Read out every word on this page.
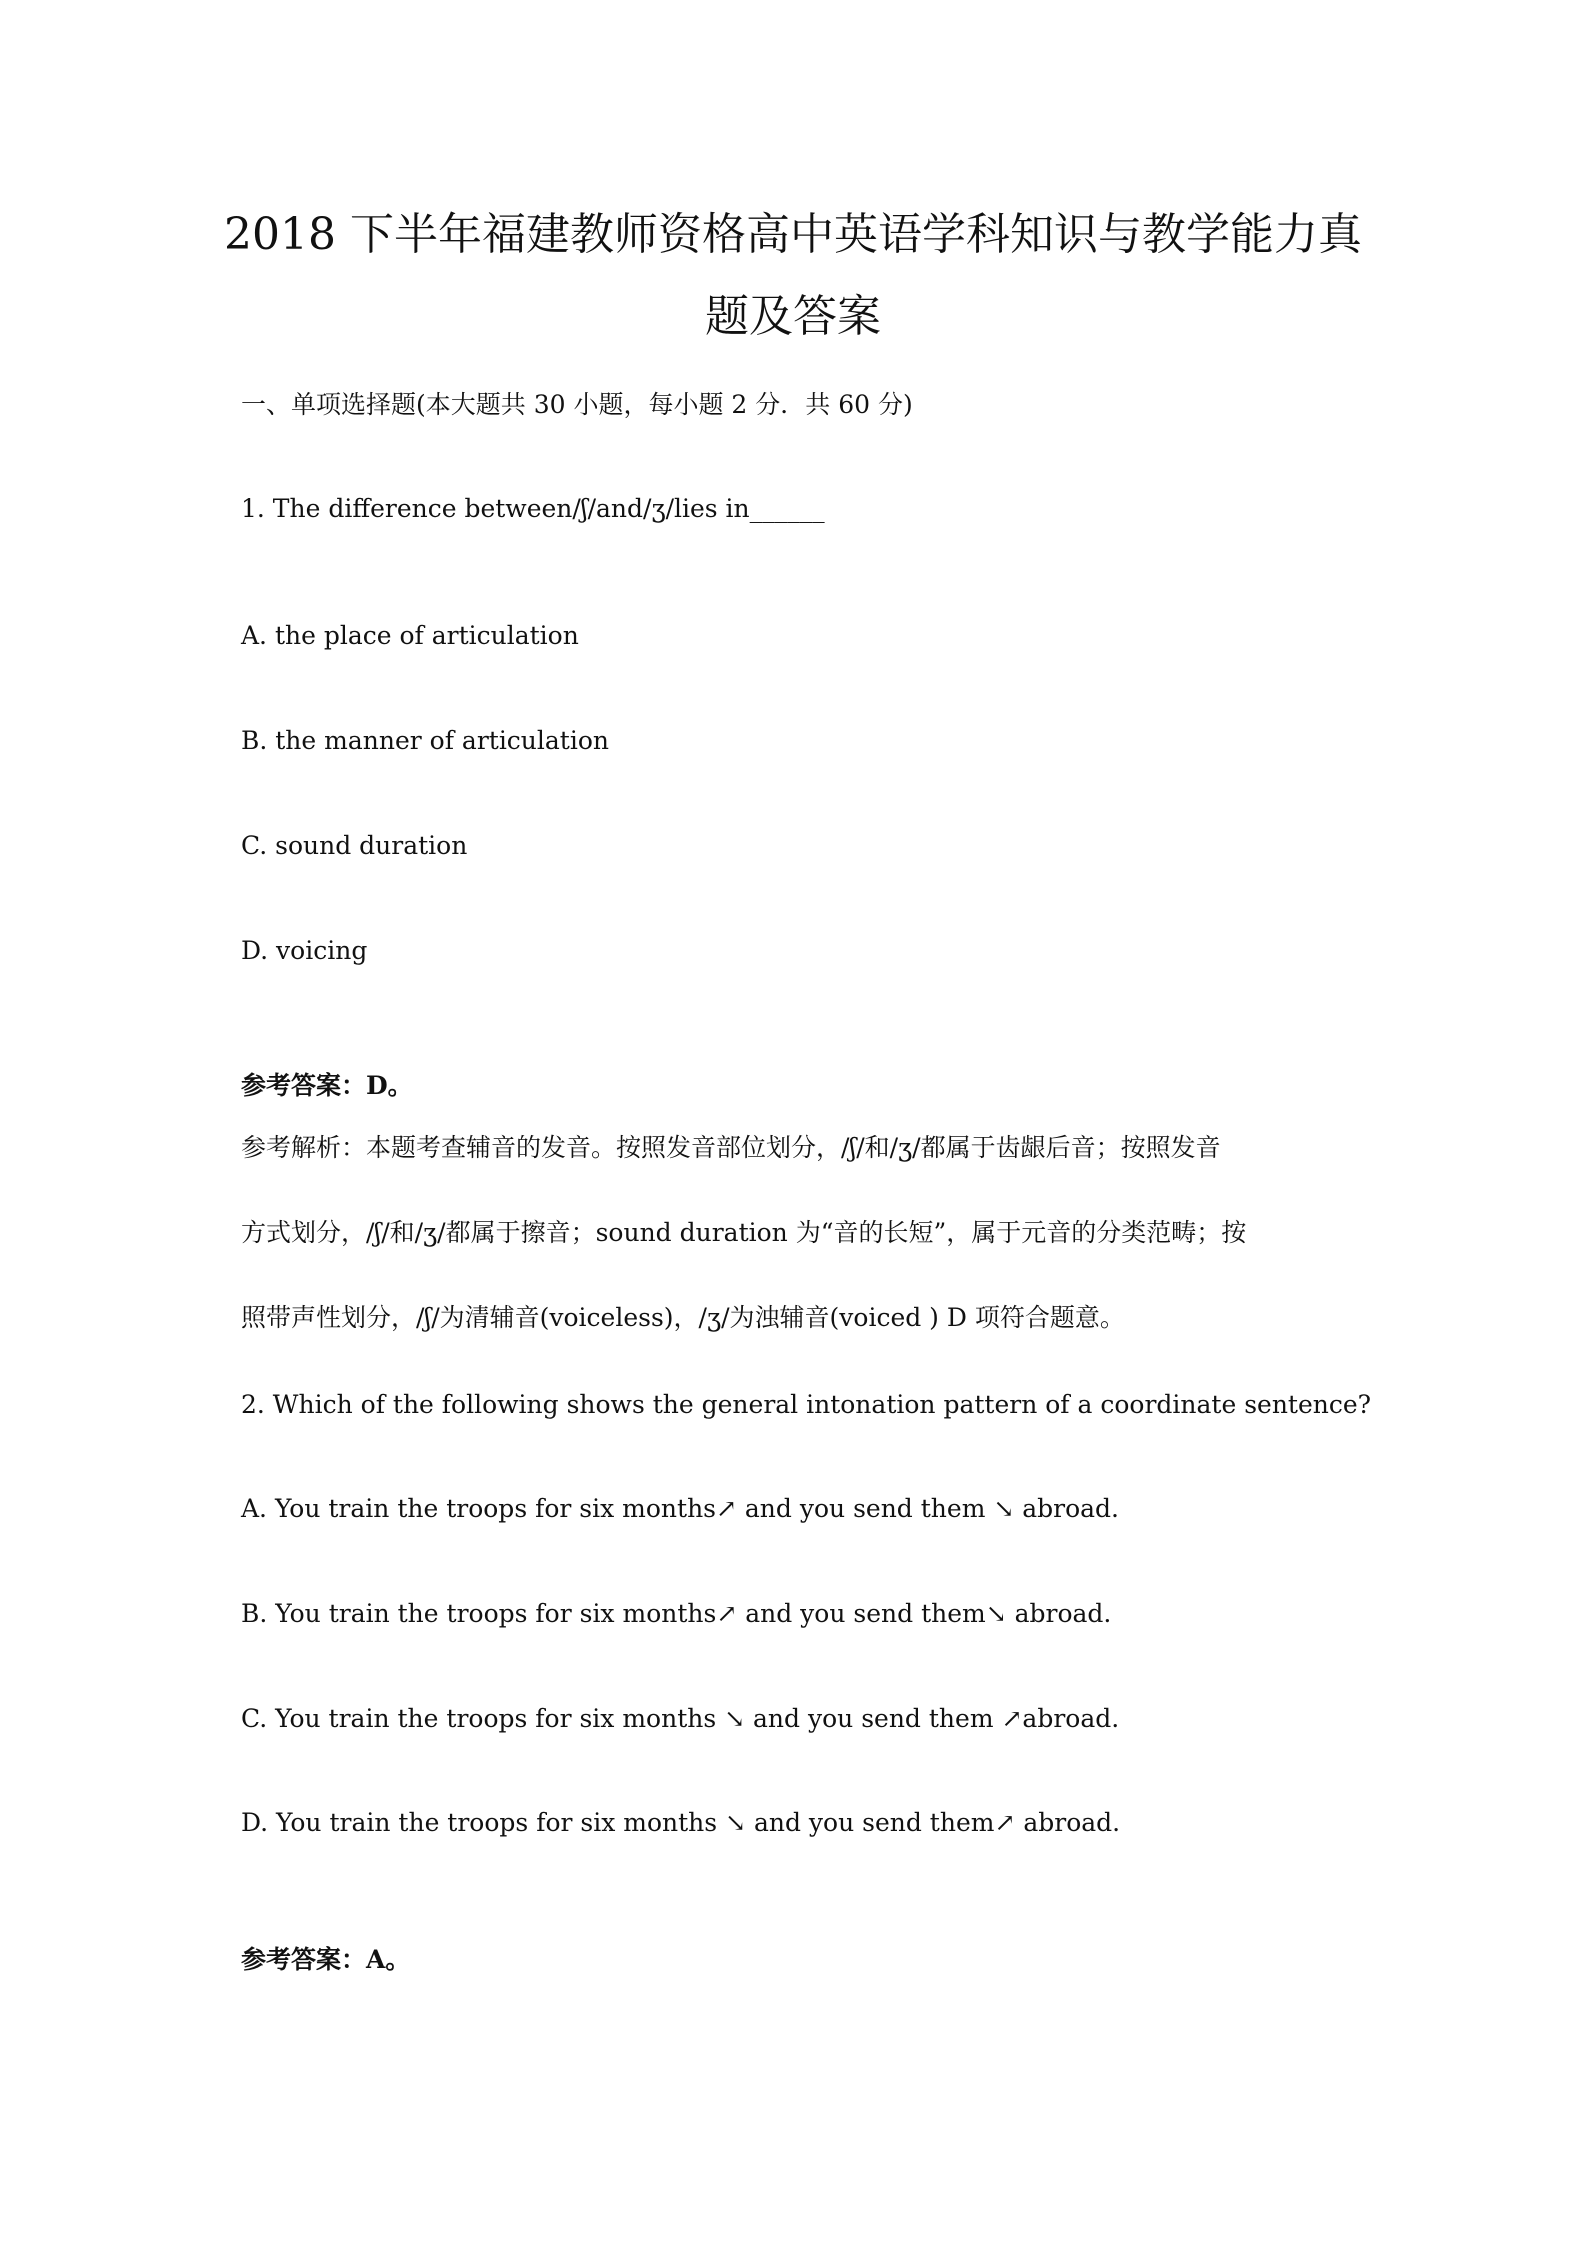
2018 下半年福建教师资格高中英语学科知识与教学能力真
题及答案
一、单项选择题(本大题共 30 小题，每小题 2 分．共 60 分)
1. The difference between/ʃ/and/ʒ/lies in______
A. the place of articulation
B. the manner of articulation
C. sound duration
D. voicing
参考答案：D。
参考解析：本题考查辅音的发音。按照发音部位划分，/ʃ/和/ʒ/都属于齿龈后音；按照发音
方式划分，/ʃ/和/ʒ/都属于擦音；sound duration 为“音的长短”，属于元音的分类范畴；按
照带声性划分，/ʃ/为清辅音(voiceless)，/ʒ/为浊辅音(voiced ) D 项符合题意。
2. Which of the following shows the general intonation pattern of a coordinate sentence?
A. You train the troops for six months↗ and you send them ↘ abroad.
B. You train the troops for six months↗ and you send them↘ abroad.
C. You train the troops for six months ↘ and you send them ↗abroad.
D. You train the troops for six months ↘ and you send them↗ abroad.
参考答案：A。
